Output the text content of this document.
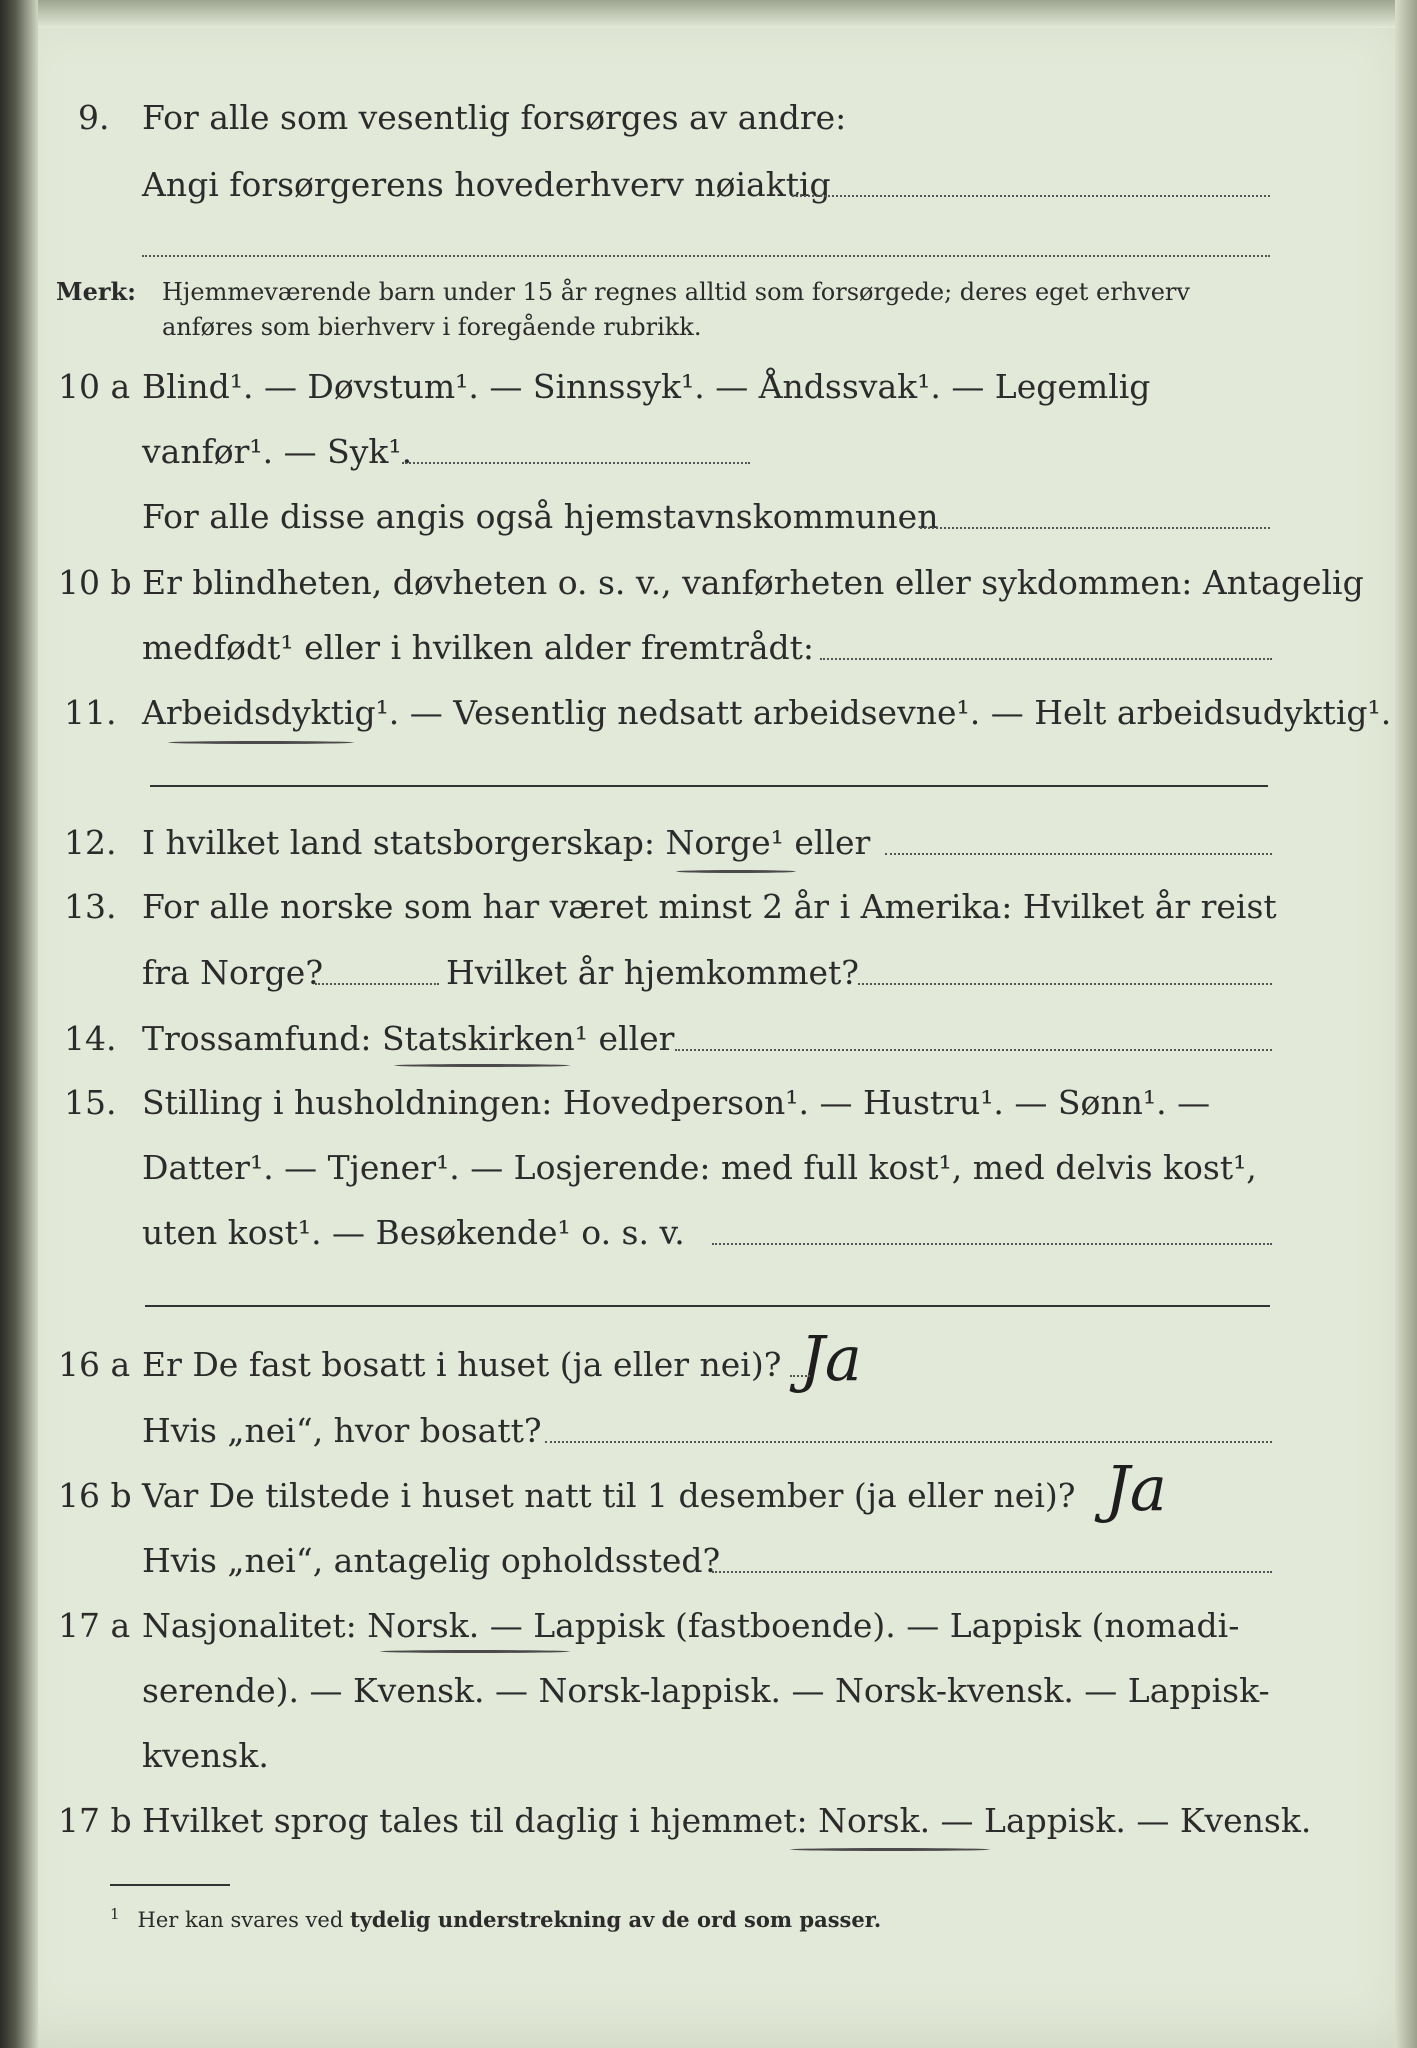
9. For alle som vesentlig forsørges av andre:
Angi forsørgerens hovederhverv nøiaktig
Merk: Hjemmeværende barn under 15 år regnes alltid som forsørgede; deres eget erhverv
anføres som bierhverv i foregående rubrikk.
10 a Blind¹. — Døvstum¹. — Sinnssyk¹. — Åndssvak¹. — Legemlig
vanfør¹. — Syk¹.
For alle disse angis også hjemstavnskommunen
10 b Er blindheten, døvheten o. s. v., vanførheten eller sykdommen: Antagelig
medfødt¹ eller i hvilken alder fremtrådt:
11. Arbeidsdyktig¹. — Vesentlig nedsatt arbeidsevne¹. — Helt arbeidsudyktig¹.
12. I hvilket land statsborgerskap: Norge¹ eller
13. For alle norske som har været minst 2 år i Amerika: Hvilket år reist
fra Norge?	Hvilket år hjemkommet?
14. Trossamfund: Statskirken¹ eller
15. Stilling i husholdningen: Hovedperson¹. — Hustru¹. — Sønn¹. —
Datter¹. — Tjener¹. — Losjerende: med full kost¹, med delvis kost¹,
uten kost¹. — Besøkende¹ o. s. v.
16 a Er De fast bosatt i huset (ja eller nei)? Ja
Hvis „nei“, hvor bosatt?
16 b Var De tilstede i huset natt til 1 desember (ja eller nei)? Ja
Hvis „nei“, antagelig opholdssted?
17 a Nasjonalitet: Norsk. — Lappisk (fastboende). — Lappisk (nomadi-
serende). — Kvensk. — Norsk-lappisk. — Norsk-kvensk. — Lappisk-
kvensk.
17 b Hvilket sprog tales til daglig i hjemmet: Norsk. — Lappisk. — Kvensk.
$^1$ Her kan svares ved tydelig understrekning av de ord som passer.
